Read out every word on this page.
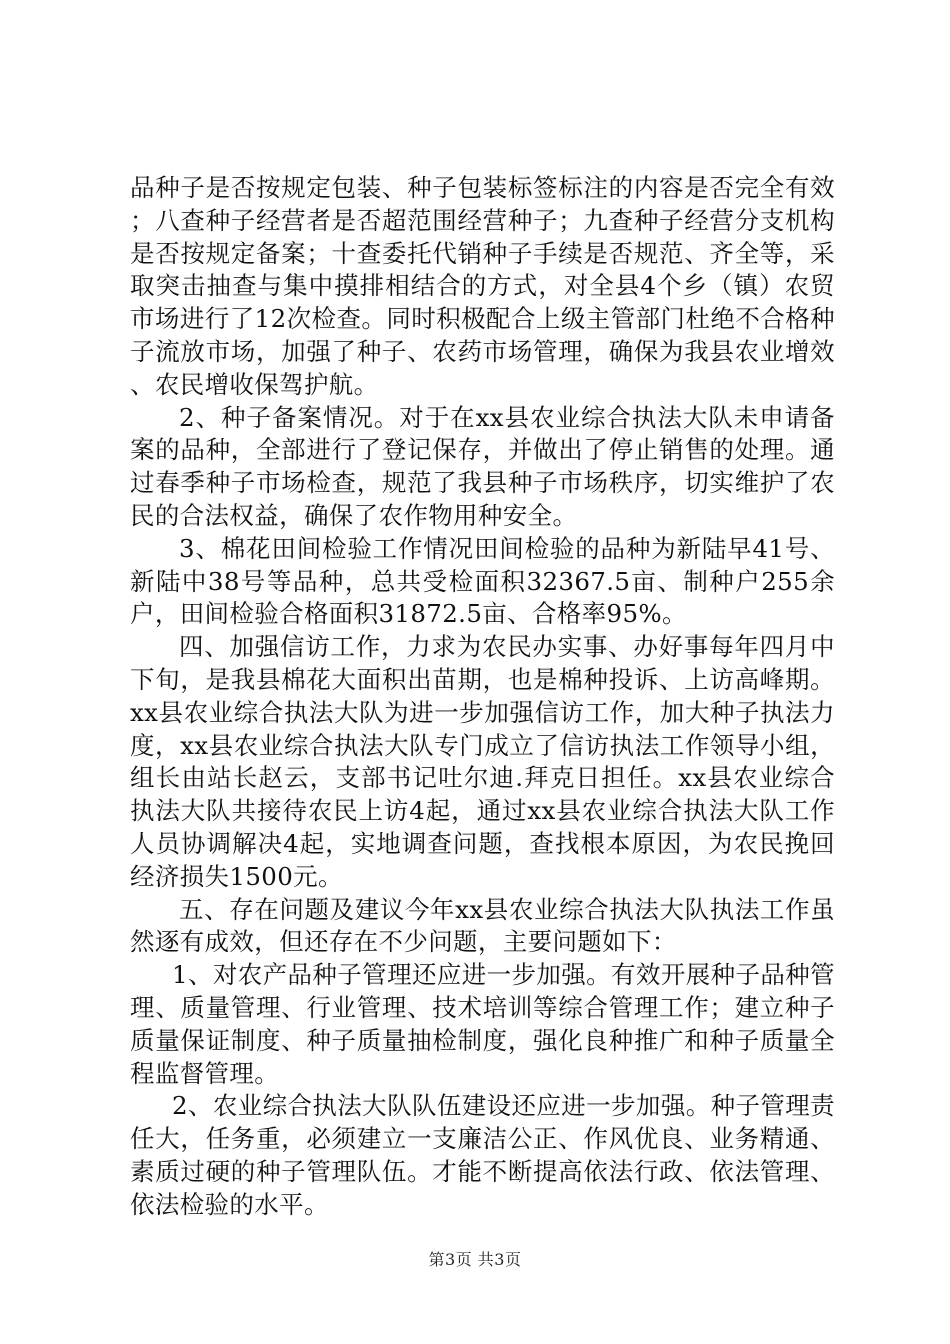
品种子是否按规定包装、种子包装标签标注的内容是否完全有效；八查种子经营者是否超范围经营种子；九查种子经营分支机构是否按规定备案；十查委托代销种子手续是否规范、齐全等，采取突击抽查与集中摸排相结合的方式，对全县4个乡（镇）农贸市场进行了12次检查。同时积极配合上级主管部门杜绝不合格种子流放市场，加强了种子、农药市场管理，确保为我县农业增效、农民增收保驾护航。

2、种子备案情况。对于在xx县农业综合执法大队未申请备案的品种，全部进行了登记保存，并做出了停止销售的处理。通过春季种子市场检查，规范了我县种子市场秩序，切实维护了农民的合法权益，确保了农作物用种安全。

3、棉花田间检验工作情况田间检验的品种为新陆早41号、新陆中38号等品种，总共受检面积32367.5亩、制种户255余户，田间检验合格面积31872.5亩、合格率95%。

四、加强信访工作，力求为农民办实事、办好事每年四月中下旬，是我县棉花大面积出苗期，也是棉种投诉、上访高峰期。xx县农业综合执法大队为进一步加强信访工作，加大种子执法力度，xx县农业综合执法大队专门成立了信访执法工作领导小组，组长由站长赵云，支部书记吐尔迪.拜克日担任。xx县农业综合执法大队共接待农民上访4起，通过xx县农业综合执法大队工作人员协调解决4起，实地调查问题，查找根本原因，为农民挽回经济损失1500元。

五、存在问题及建议今年xx县农业综合执法大队执法工作虽然逐有成效，但还存在不少问题，主要问题如下：

1、对农产品种子管理还应进一步加强。有效开展种子品种管理、质量管理、行业管理、技术培训等综合管理工作；建立种子质量保证制度、种子质量抽检制度，强化良种推广和种子质量全程监督管理。

2、农业综合执法大队队伍建设还应进一步加强。种子管理责任大，任务重，必须建立一支廉洁公正、作风优良、业务精通、素质过硬的种子管理队伍。才能不断提高依法行政、依法管理、依法检验的水平。

第3页 共3页
